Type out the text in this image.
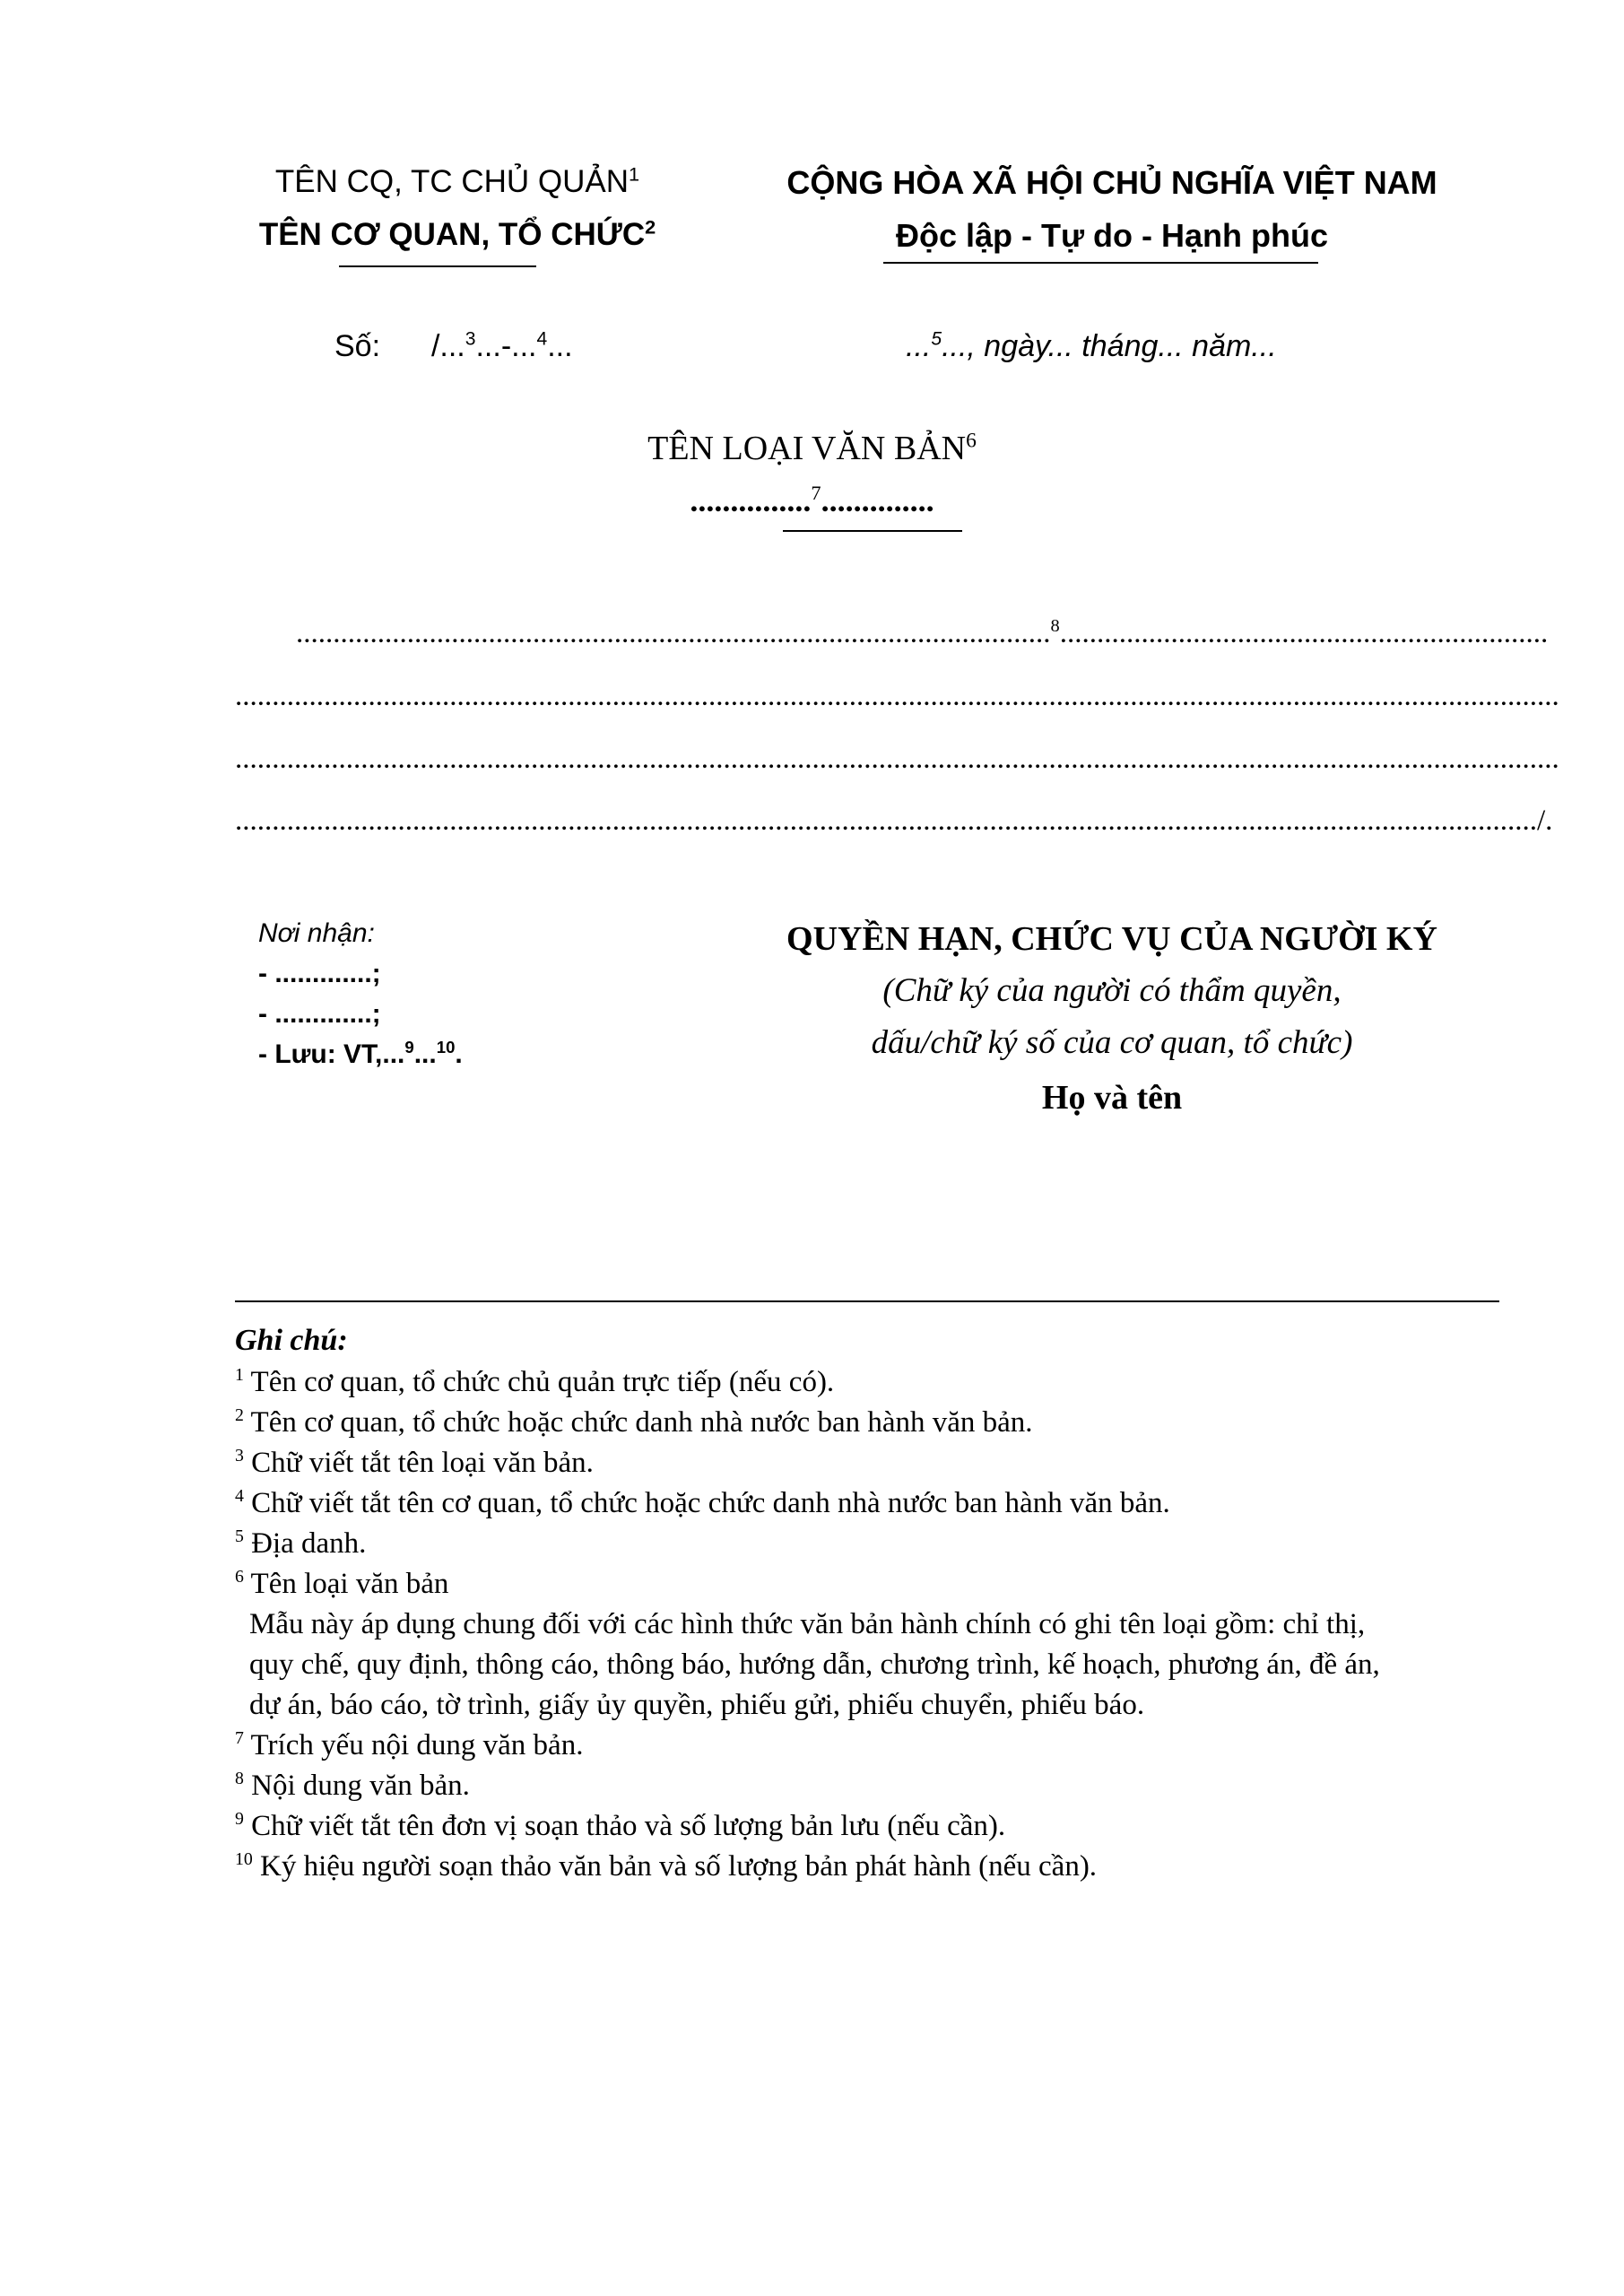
TÊN CQ, TC CHỦ QUẢN$^1$
TÊN CƠ QUAN, TỔ CHỨC$^2$
CỘNG HÒA XÃ HỘI CHỦ NGHĨA VIỆT NAM
Độc lập - Tự do - Hạnh phúc
Số: /...$^3$...-...$^4$...	...$^5$..., ngày... tháng... năm...
TÊN LOẠI VĂN BẢN$^6$
...............$^7$..............
......................................................................................................$^8$..................................................................
...................................................................................................................................................................................
...................................................................................................................................................................................
................................................................................................................................................................................/.
Nơi nhận:
- .............;
- .............;
- Lưu: VT,...$^9$...$^{10}$.
QUYỀN HẠN, CHỨC VỤ CỦA NGƯỜI KÝ
(Chữ ký của người có thẩm quyền,
dấu/chữ ký số của cơ quan, tổ chức)
Họ và tên
Ghi chú:
$^1$ Tên cơ quan, tổ chức chủ quản trực tiếp (nếu có).
$^2$ Tên cơ quan, tổ chức hoặc chức danh nhà nước ban hành văn bản.
$^3$ Chữ viết tắt tên loại văn bản.
$^4$ Chữ viết tắt tên cơ quan, tổ chức hoặc chức danh nhà nước ban hành văn bản.
$^5$ Địa danh.
$^6$ Tên loại văn bản
Mẫu này áp dụng chung đối với các hình thức văn bản hành chính có ghi tên loại gồm: chỉ thị,
quy chế, quy định, thông cáo, thông báo, hướng dẫn, chương trình, kế hoạch, phương án, đề án,
dự án, báo cáo, tờ trình, giấy ủy quyền, phiếu gửi, phiếu chuyển, phiếu báo.
$^7$ Trích yếu nội dung văn bản.
$^8$ Nội dung văn bản.
$^9$ Chữ viết tắt tên đơn vị soạn thảo và số lượng bản lưu (nếu cần).
$^{10}$ Ký hiệu người soạn thảo văn bản và số lượng bản phát hành (nếu cần).
